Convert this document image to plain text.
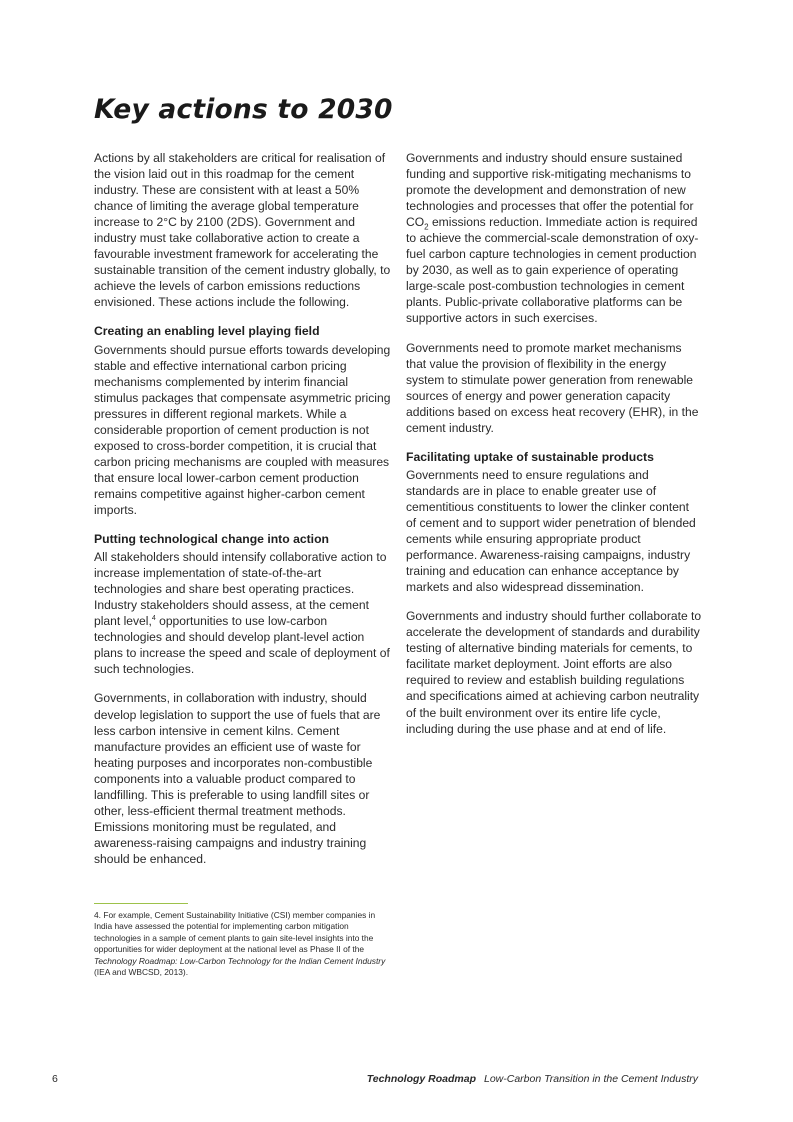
Key actions to 2030

Actions by all stakeholders are critical for realisation of the vision laid out in this roadmap for the cement industry. These are consistent with at least a 50% chance of limiting the average global temperature increase to 2°C by 2100 (2DS). Government and industry must take collaborative action to create a favourable investment framework for accelerating the sustainable transition of the cement industry globally, to achieve the levels of carbon emissions reductions envisioned. These actions include the following.

Creating an enabling level playing field

Governments should pursue efforts towards developing stable and effective international carbon pricing mechanisms complemented by interim financial stimulus packages that compensate asymmetric pricing pressures in different regional markets. While a considerable proportion of cement production is not exposed to cross-border competition, it is crucial that carbon pricing mechanisms are coupled with measures that ensure local lower-carbon cement production remains competitive against higher-carbon cement imports.

Putting technological change into action

All stakeholders should intensify collaborative action to increase implementation of state-of-the-art technologies and share best operating practices. Industry stakeholders should assess, at the cement plant level,$^4$ opportunities to use low-carbon technologies and should develop plant-level action plans to increase the speed and scale of deployment of such technologies.

Governments, in collaboration with industry, should develop legislation to support the use of fuels that are less carbon intensive in cement kilns. Cement manufacture provides an efficient use of waste for heating purposes and incorporates non-combustible components into a valuable product compared to landfilling. This is preferable to using landfill sites or other, less-efficient thermal treatment methods. Emissions monitoring must be regulated, and awareness-raising campaigns and industry training should be enhanced.

Governments and industry should ensure sustained funding and supportive risk-mitigating mechanisms to promote the development and demonstration of new technologies and processes that offer the potential for $CO_2$ emissions reduction. Immediate action is required to achieve the commercial-scale demonstration of oxy-fuel carbon capture technologies in cement production by 2030, as well as to gain experience of operating large-scale post-combustion technologies in cement plants. Public-private collaborative platforms can be supportive actors in such exercises.

Governments need to promote market mechanisms that value the provision of flexibility in the energy system to stimulate power generation from renewable sources of energy and power generation capacity additions based on excess heat recovery (EHR), in the cement industry.

Facilitating uptake of sustainable products

Governments need to ensure regulations and standards are in place to enable greater use of cementitious constituents to lower the clinker content of cement and to support wider penetration of blended cements while ensuring appropriate product performance. Awareness-raising campaigns, industry training and education can enhance acceptance by markets and also widespread dissemination.

Governments and industry should further collaborate to accelerate the development of standards and durability testing of alternative binding materials for cements, to facilitate market deployment. Joint efforts are also required to review and establish building regulations and specifications aimed at achieving carbon neutrality of the built environment over its entire life cycle, including during the use phase and at end of life.

4. For example, Cement Sustainability Initiative (CSI) member companies in India have assessed the potential for implementing carbon mitigation technologies in a sample of cement plants to gain site-level insights into the opportunities for wider deployment at the national level as Phase II of the Technology Roadmap: Low-Carbon Technology for the Indian Cement Industry (IEA and WBCSD, 2013).
6	Technology Roadmap Low-Carbon Transition in the Cement Industry
